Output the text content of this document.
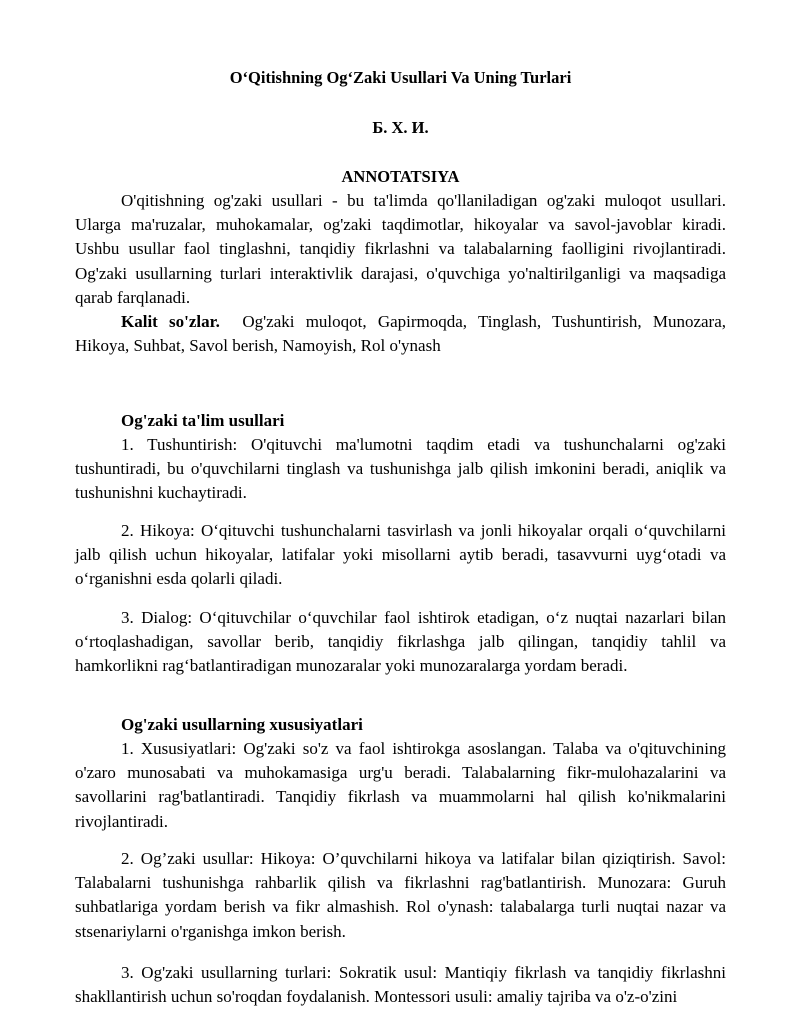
O‘Qitishning Og‘Zaki Usullari Va Uning Turlari
Б. Х. И.
ANNOTATSIYA
O'qitishning og'zaki usullari - bu ta'limda qo'llaniladigan og'zaki muloqot usullari. Ularga ma'ruzalar, muhokamalar, og'zaki taqdimotlar, hikoyalar va savol-javoblar kiradi. Ushbu usullar faol tinglashni, tanqidiy fikrlashni va talabalarning faolligini rivojlantiradi. Og'zaki usullarning turlari interaktivlik darajasi, o'quvchiga yo'naltirilganligi va maqsadiga qarab farqlanadi.
Kalit so'zlar. Og'zaki muloqot, Gapirmoqda, Tinglash, Tushuntirish, Munozara, Hikoya, Suhbat, Savol berish, Namoyish, Rol o'ynash
Og'zaki ta'lim usullari
1. Tushuntirish: O'qituvchi ma'lumotni taqdim etadi va tushunchalarni og'zaki tushuntiradi, bu o'quvchilarni tinglash va tushunishga jalb qilish imkonini beradi, aniqlik va tushunishni kuchaytiradi.
2. Hikoya: O‘qituvchi tushunchalarni tasvirlash va jonli hikoyalar orqali o‘quvchilarni jalb qilish uchun hikoyalar, latifalar yoki misollarni aytib beradi, tasavvurni uyg‘otadi va o‘rganishni esda qolarli qiladi.
3. Dialog: O‘qituvchilar o‘quvchilar faol ishtirok etadigan, o‘z nuqtai nazarlari bilan o‘rtoqlashadigan, savollar berib, tanqidiy fikrlashga jalb qilingan, tanqidiy tahlil va hamkorlikni rag‘batlantiradigan munozaralar yoki munozaralarga yordam beradi.
Og'zaki usullarning xususiyatlari
1. Xususiyatlari: Og'zaki so'z va faol ishtirokga asoslangan. Talaba va o'qituvchining o'zaro munosabati va muhokamasiga urg'u beradi. Talabalarning fikr-mulohazalarini va savollarini rag'batlantiradi. Tanqidiy fikrlash va muammolarni hal qilish ko'nikmalarini rivojlantiradi.
2. Og’zaki usullar: Hikoya: O’quvchilarni hikoya va latifalar bilan qiziqtirish. Savol: Talabalarni tushunishga rahbarlik qilish va fikrlashni rag'batlantirish. Munozara: Guruh suhbatlariga yordam berish va fikr almashish. Rol o'ynash: talabalarga turli nuqtai nazar va stsenariylarni o'rganishga imkon berish.
3. Og'zaki usullarning turlari: Sokratik usul: Mantiqiy fikrlash va tanqidiy fikrlashni shakllantirish uchun so'roqdan foydalanish. Montessori usuli: amaliy tajriba va o'z-o'zini
